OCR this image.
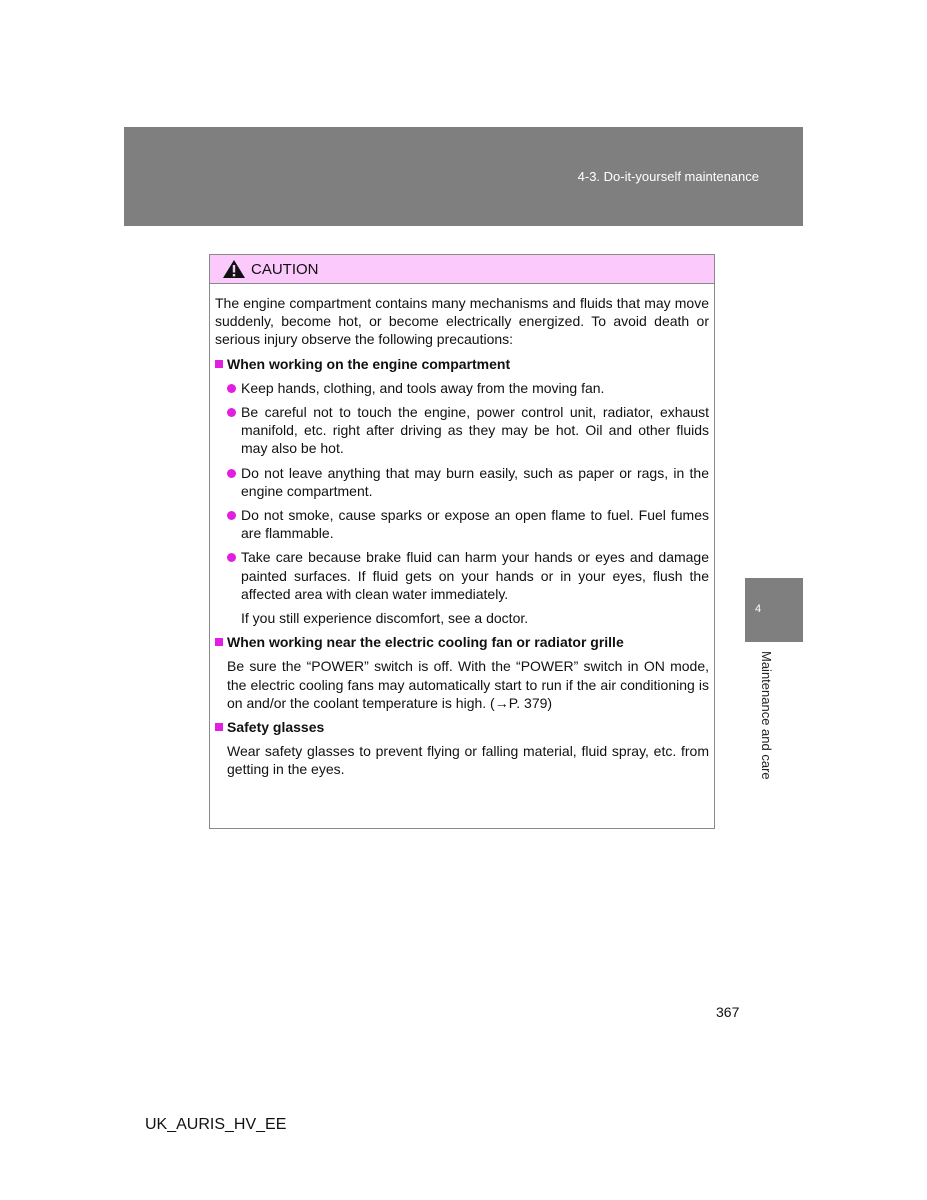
4-3. Do-it-yourself maintenance
4
Maintenance and care
CAUTION

The engine compartment contains many mechanisms and fluids that may move suddenly, become hot, or become electrically energized. To avoid death or serious injury observe the following precautions:

When working on the engine compartment

Keep hands, clothing, and tools away from the moving fan.

Be careful not to touch the engine, power control unit, radiator, exhaust manifold, etc. right after driving as they may be hot. Oil and other fluids may also be hot.

Do not leave anything that may burn easily, such as paper or rags, in the engine compartment.

Do not smoke, cause sparks or expose an open flame to fuel. Fuel fumes are flammable.

Take care because brake fluid can harm your hands or eyes and damage painted surfaces. If fluid gets on your hands or in your eyes, flush the affected area with clean water immediately.

If you still experience discomfort, see a doctor.

When working near the electric cooling fan or radiator grille

Be sure the “POWER” switch is off. With the “POWER” switch in ON mode, the electric cooling fans may automatically start to run if the air conditioning is on and/or the coolant temperature is high. (→P. 379)

Safety glasses

Wear safety glasses to prevent flying or falling material, fluid spray, etc. from getting in the eyes.

367
UK_AURIS_HV_EE
